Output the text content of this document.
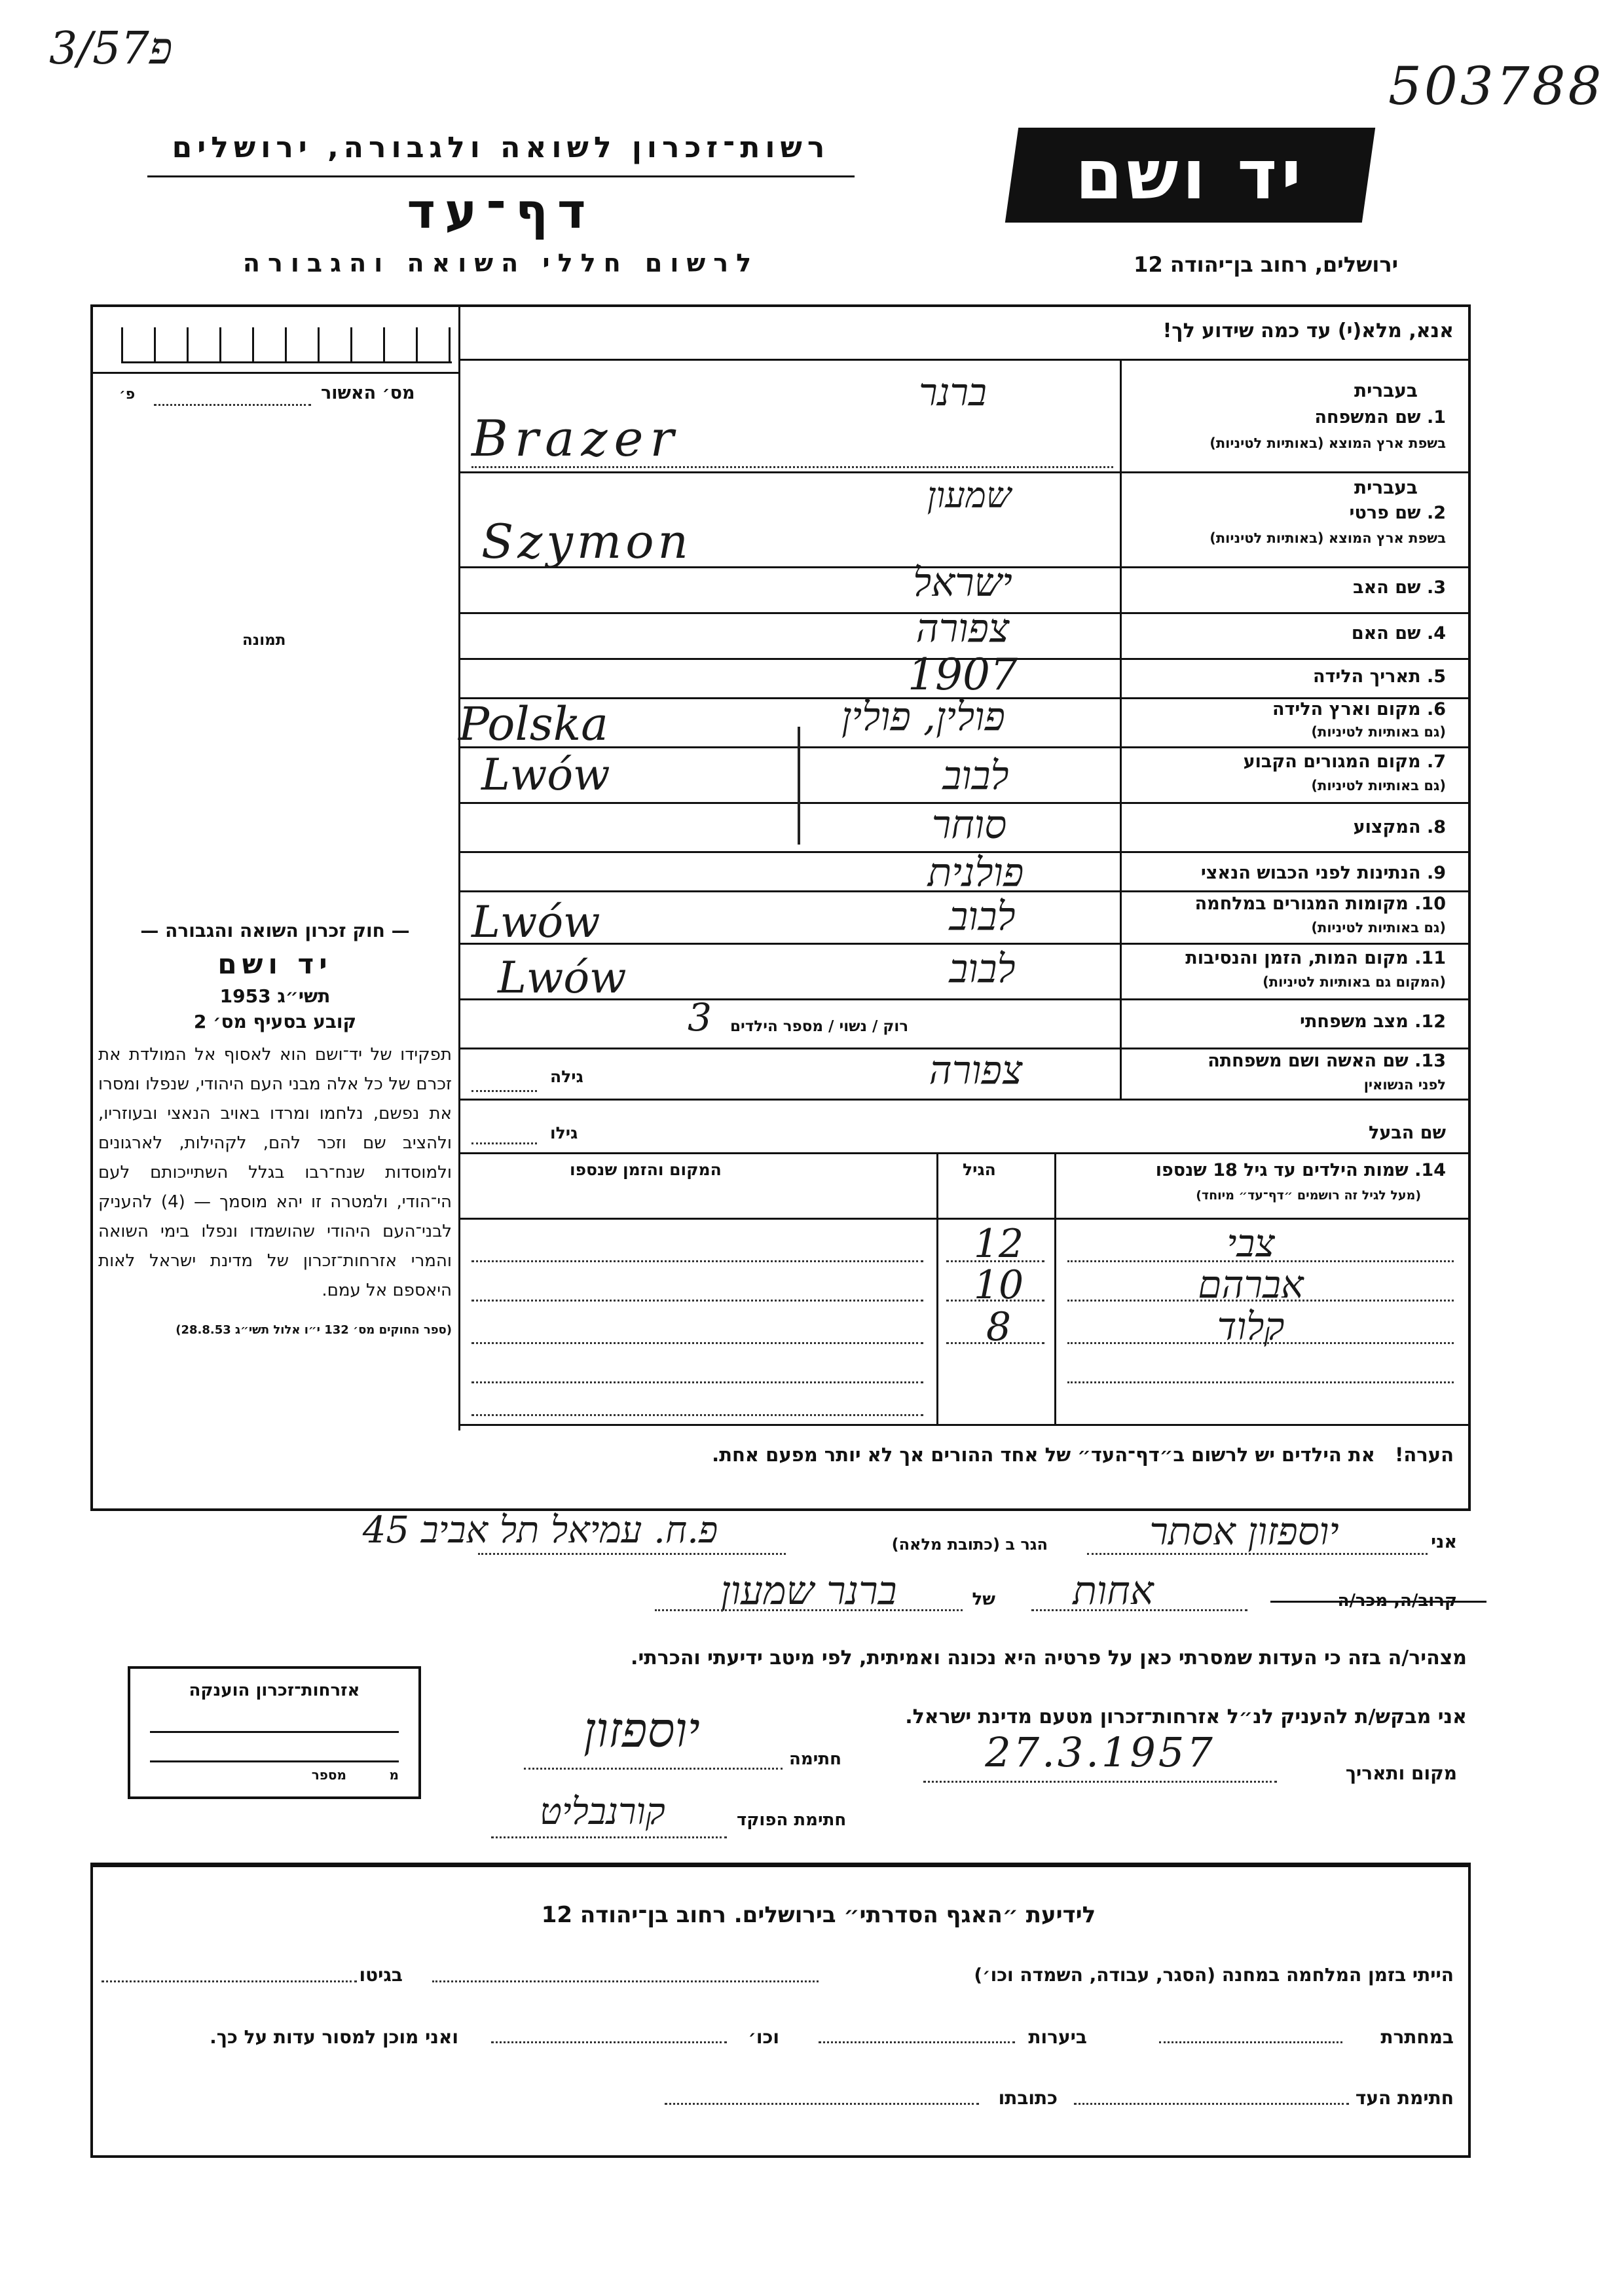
פ3/57
503788
רשות־זכרון לשואה ולגבורה, ירושלים
דף־עד
לרשום חללי השואה והגבורה
יד ושם
ירושלים, רחוב בן־יהודה 12
מס׳ האשור
פ׳
תמונה
אנא, מלא(י) עד כמה שידוע לך!
בעברית
1. שם המשפחה
בשפת ארץ המוצא (באותיות לטיניות)
בעברית
2. שם פרטי
בשפת ארץ המוצא (באותיות לטיניות)
3. שם האב
4. שם האם
5. תאריך הלידה
6. מקום וארץ הלידה
(גם באותיות לטיניות)
7. מקום המגורים הקבוע
(גם באותיות לטיניות)
8. המקצוע
9. הנתינות לפני הכבוש הנאצי
10. מקומות המגורים במלחמה
(גם באותיות לטיניות)
11. מקום המות, הזמן והנסיבות
(המקום גם באותיות לטיניות)
12. מצב משפחתי
13. שם האשה ושם משפחתה
לפני הנשואין
שם הבעל
ברנר
Brazer
שמעון
Szymon
ישראל
צפורה
1907
פולין, פולין
Polska
לבוב
Lwów
סוחר
פולנית
לבוב
Lwów
לבוב
Lwów
רוק / נשוי / מספר הילדים
3
צפורה
גילה
גילו
14. שמות הילדים עד גיל 18 שנספו
(מעל לגיל זה רושמים ״דף־עד״ מיוחד)
הגיל
המקום והזמן שנספו
צבי
12
אברהם
10
קלוד
8
הערה!   את הילדים יש לרשום ב״דף־העד״ של אחד ההורים אך לא יותר מפעם אחת.
— חוק זכרון השואה והגבורה —
יד ושם
תשי״ג 1953
קובע בסעיף מס׳ 2
תפקידו של יד־ושם הוא לאסוף אל המולדת את זכרם של כל אלה מבני העם היהודי, שנפלו ומסרו את נפשם, נלחמו ומרדו באויב הנאצי ובעוזריו, ולהציב שם וזכר להם, לקהילות, לארגונים ולמוסדות שנח־רבו בגלל השתייכותם לעם הי־הודי, ולמטרה זו יהא מוסמך — (4) להעניק לבני־העם היהודי שהושמדו ונפלו בימי השואה והמרי אזרחות־זכרון של מדינת ישראל לאות היאספם אל עמם.
(ספר החוקים מס׳ 132 י״ו אלול תשי״ג 28.8.53)
אני
יוספזון אסתר
הגר ב (כתובת מלאה)
פ.ח. עמיאל תל אביב 45
קרוב/ה, מכר/ה
אחות
של
ברנר שמעון
מצהיר/ה בזה כי העדות שמסרתי כאן על פרטיה היא נכונה ואמיתית, לפי מיטב ידיעתי והכרתי.
אני מבקש/ת להעניק לנ״ל אזרחות־זכרון מטעם מדינת ישראל.
מקום ותאריך
27.3.1957
חתימה
יוספזון
חתימת הפוקד
קורנבליט
אזרחות־זכרון הוענקה
מ
מספר
לידיעת ״האגף הסדרתי״ בירושלים. רחוב בן־יהודה 12
הייתי בזמן המלחמה במחנה (הסגר, עבודה, השמדה וכו׳)
בגיטו
במחתרת
ביערות
וכו׳
ואני מוכן למסור עדות על כך.
חתימת העד
כתובתו
